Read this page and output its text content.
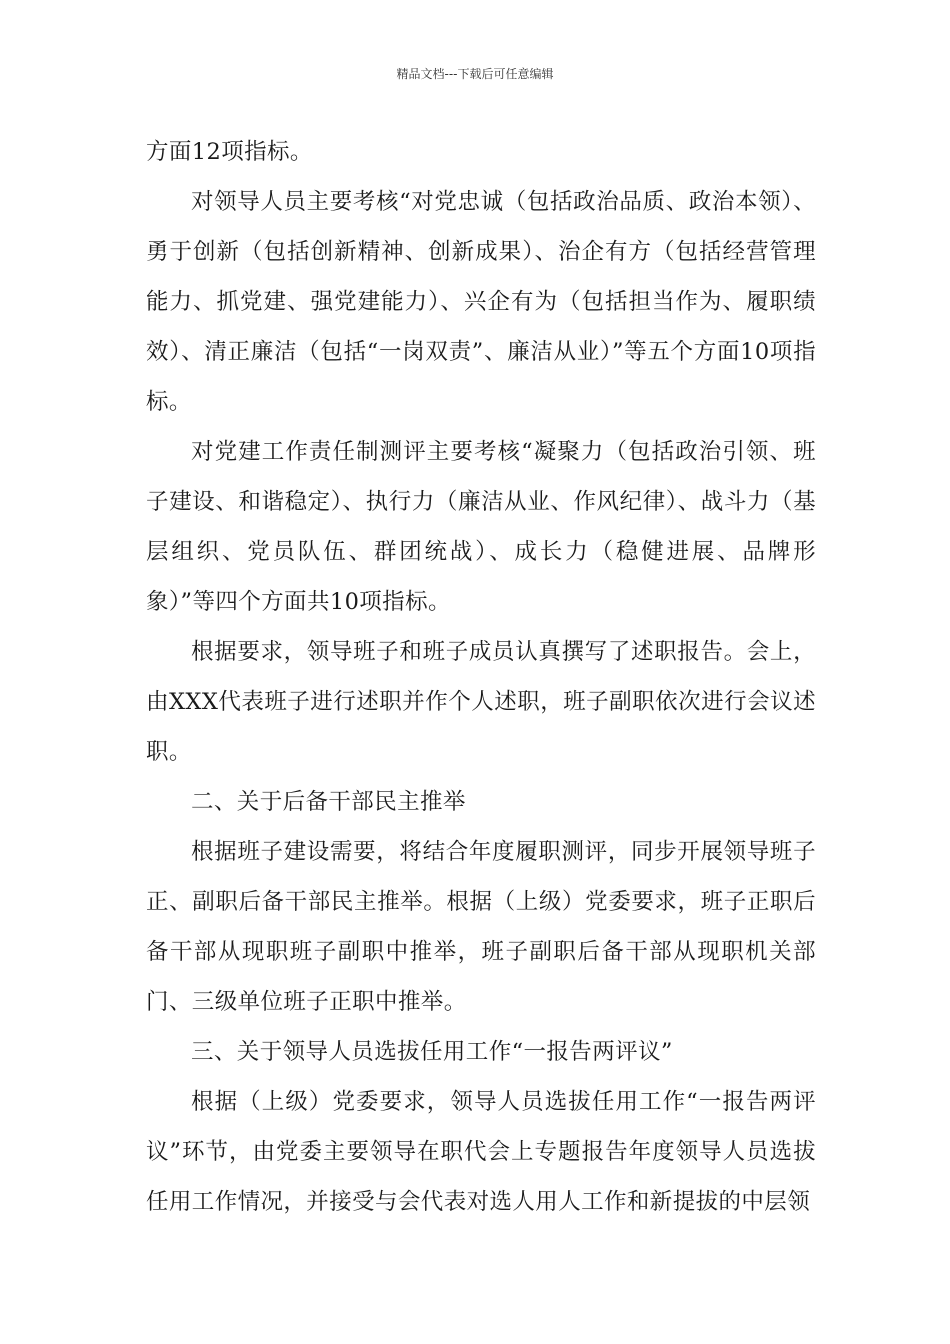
精品文档---下载后可任意编辑

方面12项指标。

对领导人员主要考核“对党忠诚（包括政治品质、政治本领）、勇于创新（包括创新精神、创新成果）、治企有方（包括经营管理能力、抓党建、强党建能力）、兴企有为（包括担当作为、履职绩效）、清正廉洁（包括“一岗双责”、廉洁从业）”等五个方面10项指标。

对党建工作责任制测评主要考核“凝聚力（包括政治引领、班子建设、和谐稳定）、执行力（廉洁从业、作风纪律）、战斗力（基层组织、党员队伍、群团统战）、成长力（稳健进展、品牌形象）”等四个方面共10项指标。

根据要求，领导班子和班子成员认真撰写了述职报告。会上，由XXX代表班子进行述职并作个人述职，班子副职依次进行会议述职。

二、关于后备干部民主推举

根据班子建设需要，将结合年度履职测评，同步开展领导班子正、副职后备干部民主推举。根据（上级）党委要求，班子正职后备干部从现职班子副职中推举，班子副职后备干部从现职机关部门、三级单位班子正职中推举。

三、关于领导人员选拔任用工作“一报告两评议”

根据（上级）党委要求，领导人员选拔任用工作“一报告两评议”环节，由党委主要领导在职代会上专题报告年度领导人员选拔任用工作情况，并接受与会代表对选人用人工作和新提拔的中层领
